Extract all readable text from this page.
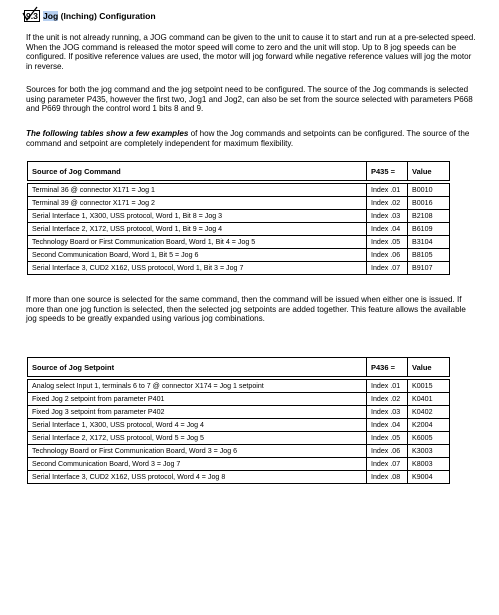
9.3 Jog (Inching) Configuration

If the unit is not already running, a JOG command can be given to the unit to cause it to start and run at a pre-selected speed. When the JOG command is released the motor speed will come to zero and the unit will stop. Up to 8 jog speeds can be configured. If positive reference values are used, the motor will jog forward while negative reference values will jog the motor in reverse.

Sources for both the jog command and the jog setpoint need to be configured. The source of the Jog commands is selected using parameter P435, however the first two, Jog1 and Jog2, can also be set from the source selected with parameters P668 and P669 through the control word 1 bits 8 and 9.

The following tables show a few examples of how the Jog commands and setpoints can be configured. The source of the command and setpoint are completely independent for maximum flexibility.

Source of Jog Command	P435 =	Value

Terminal 36 @ connector X171 = Jog 1	Index .01	B0010
Terminal 39 @ connector X171 = Jog 2	Index .02	B0016
Serial Interface 1, X300, USS protocol, Word 1, Bit 8 = Jog 3	Index .03	B2108
Serial Interface 2, X172, USS protocol, Word 1, Bit 9 = Jog 4	Index .04	B6109
Technology Board or First Communication Board, Word 1, Bit 4 = Jog 5	Index .05	B3104
Second Communication Board, Word 1, Bit 5 = Jog 6	Index .06	B8105
Serial Interface 3, CUD2 X162, USS protocol, Word 1, Bit 3 = Jog 7	Index .07	B9107

If more than one source is selected for the same command, then the command will be issued when either one is issued. If more than one jog function is selected, then the selected jog setpoints are added together. This feature allows the available jog speeds to be greatly expanded using various jog combinations.

Source of Jog Setpoint	P436 =	Value

Analog select Input 1, terminals 6 to 7 @ connector X174 = Jog 1 setpoint	Index .01	K0015
Fixed Jog 2 setpoint from parameter P401	Index .02	K0401
Fixed Jog 3 setpoint from parameter P402	Index .03	K0402
Serial Interface 1, X300, USS protocol, Word 4 = Jog 4	Index .04	K2004
Serial Interface 2, X172, USS protocol, Word 5 = Jog 5	Index .05	K6005
Technology Board or First Communication Board, Word 3 = Jog 6	Index .06	K3003
Second Communication Board, Word 3 = Jog 7	Index .07	K8003
Serial Interface 3, CUD2 X162, USS protocol, Word 4 = Jog 8	Index .08	K9004
